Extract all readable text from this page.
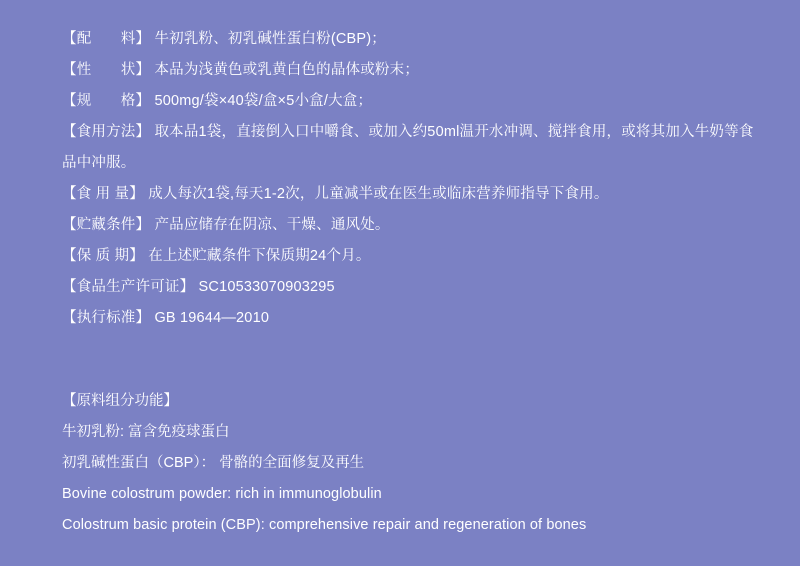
【配　　料】 牛初乳粉、初乳碱性蛋白粉(CBP)；
【性　　状】 本品为浅黄色或乳黄白色的晶体或粉末；
【规　　格】 500mg/袋×40袋/盒×5小盒/大盒；
【食用方法】 取本品1袋，直接倒入口中嚼食、或加入约50ml温开水冲调、搅拌食用，或将其加入牛奶等食品中冲服。
【食 用 量】 成人每次1袋,每天1-2次，儿童减半或在医生或临床营养师指导下食用。
【贮藏条件】 产品应储存在阴凉、干燥、通风处。
【保 质 期】 在上述贮藏条件下保质期24个月。
【食品生产许可证】 SC10533070903295
【执行标准】 GB 19644—2010
【原料组分功能】
牛初乳粉: 富含免疫球蛋白
初乳碱性蛋白（CBP）： 骨骼的全面修复及再生
Bovine colostrum powder: rich in immunoglobulin
Colostrum basic protein (CBP): comprehensive repair and regeneration of bones
